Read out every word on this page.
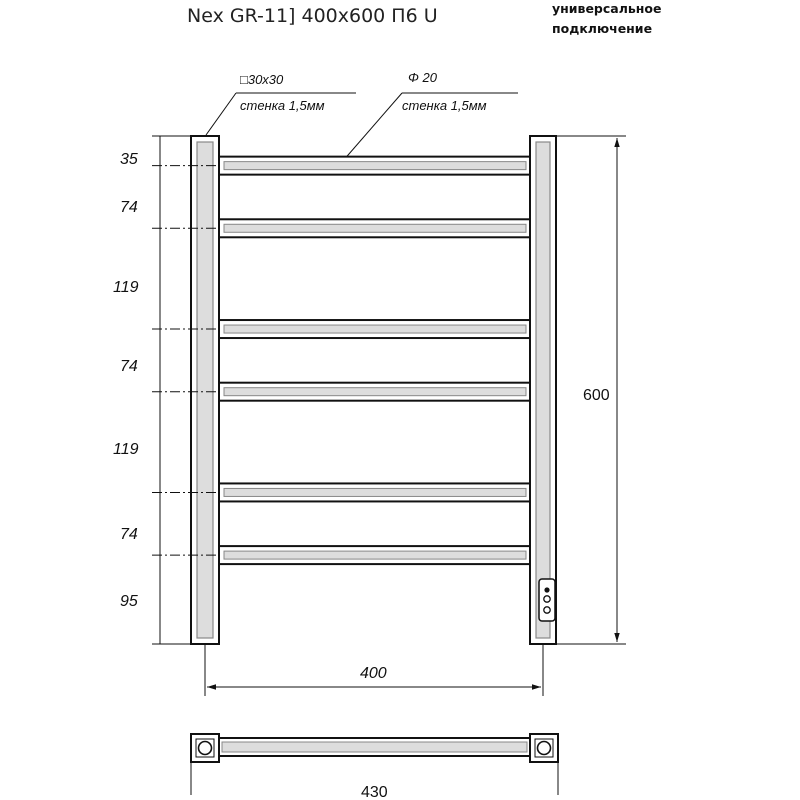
Nex GR-11] 400x600 П6 U	универсальное
подключение
□30x30
стенка 1,5мм
Φ 20
стенка 1,5мм
35
74
119
74
119
74
95
600
400
430
